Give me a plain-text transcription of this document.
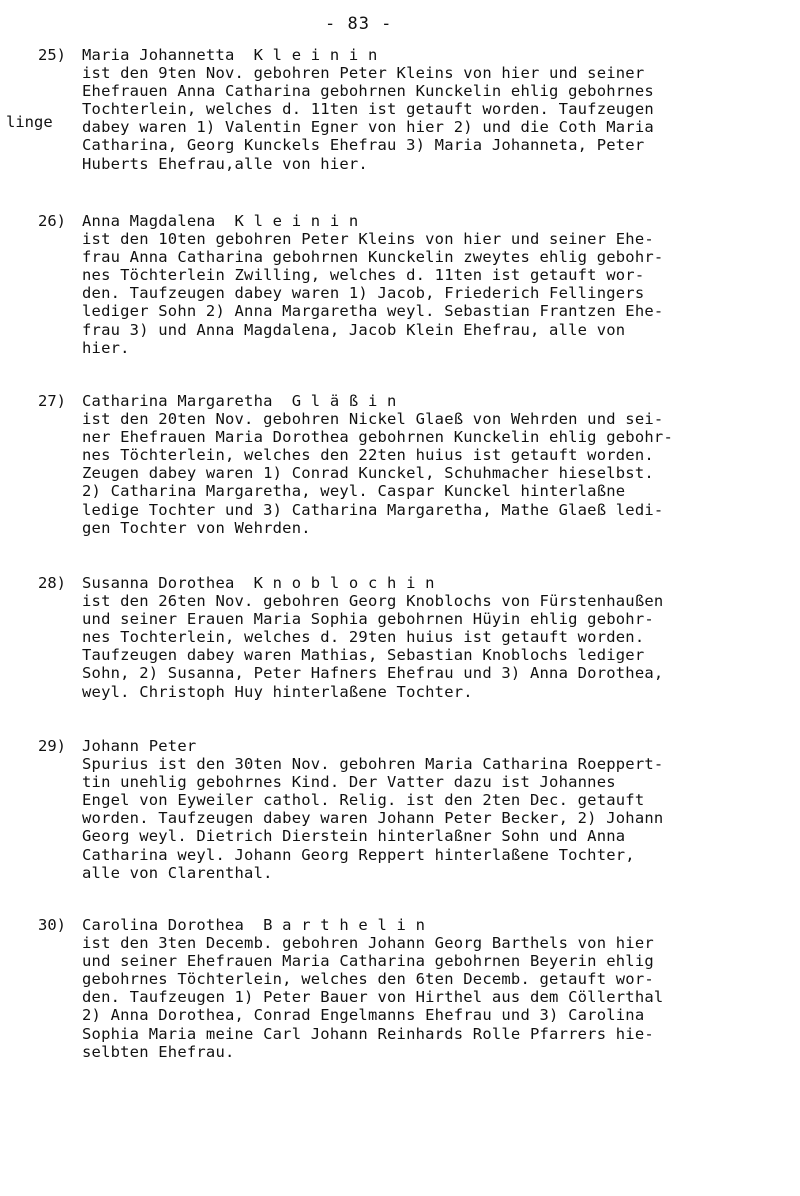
- 83 -
linge
25) Maria Johannetta  K l e i n i n
ist den 9ten Nov. gebohren Peter Kleins von hier und seiner
Ehefrauen Anna Catharina gebohrnen Kunckelin ehlig gebohrnes
Tochterlein, welches d. 11ten ist getauft worden. Taufzeugen
dabey waren 1) Valentin Egner von hier 2) und die Coth Maria
Catharina, Georg Kunckels Ehefrau 3) Maria Johanneta, Peter
Huberts Ehefrau,alle von hier.
26) Anna Magdalena  K l e i n i n
ist den 10ten gebohren Peter Kleins von hier und seiner Ehe-
frau Anna Catharina gebohrnen Kunckelin zweytes ehlig gebohr-
nes Töchterlein Zwilling, welches d. 11ten ist getauft wor-
den. Taufzeugen dabey waren 1) Jacob, Friederich Fellingers
lediger Sohn 2) Anna Margaretha weyl. Sebastian Frantzen Ehe-
frau 3) und Anna Magdalena, Jacob Klein Ehefrau, alle von
hier.
27) Catharina Margaretha  G l ä ß i n
ist den 20ten Nov. gebohren Nickel Glaeß von Wehrden und sei-
ner Ehefrauen Maria Dorothea gebohrnen Kunckelin ehlig gebohr-
nes Töchterlein, welches den 22ten huius ist getauft worden.
Zeugen dabey waren 1) Conrad Kunckel, Schuhmacher hieselbst.
2) Catharina Margaretha, weyl. Caspar Kunckel hinterlaßne
ledige Tochter und 3) Catharina Margaretha, Mathe Glaeß ledi-
gen Tochter von Wehrden.
28) Susanna Dorothea  K n o b l o c h i n
ist den 26ten Nov. gebohren Georg Knoblochs von Fürstenhaußen
und seiner Erauen Maria Sophia gebohrnen Hüyin ehlig gebohr-
nes Tochterlein, welches d. 29ten huius ist getauft worden.
Taufzeugen dabey waren Mathias, Sebastian Knoblochs lediger
Sohn, 2) Susanna, Peter Hafners Ehefrau und 3) Anna Dorothea,
weyl. Christoph Huy hinterlaßene Tochter.
29) Johann Peter
Spurius ist den 30ten Nov. gebohren Maria Catharina Roeppert-
tin unehlig gebohrnes Kind. Der Vatter dazu ist Johannes
Engel von Eyweiler cathol. Relig. ist den 2ten Dec. getauft
worden. Taufzeugen dabey waren Johann Peter Becker, 2) Johann
Georg weyl. Dietrich Dierstein hinterlaßner Sohn und Anna
Catharina weyl. Johann Georg Reppert hinterlaßene Tochter,
alle von Clarenthal.
30) Carolina Dorothea  B a r t h e l i n
ist den 3ten Decemb. gebohren Johann Georg Barthels von hier
und seiner Ehefrauen Maria Catharina gebohrnen Beyerin ehlig
gebohrnes Töchterlein, welches den 6ten Decemb. getauft wor-
den. Taufzeugen 1) Peter Bauer von Hirthel aus dem Cöllerthal
2) Anna Dorothea, Conrad Engelmanns Ehefrau und 3) Carolina
Sophia Maria meine Carl Johann Reinhards Rolle Pfarrers hie-
selbten Ehefrau.
